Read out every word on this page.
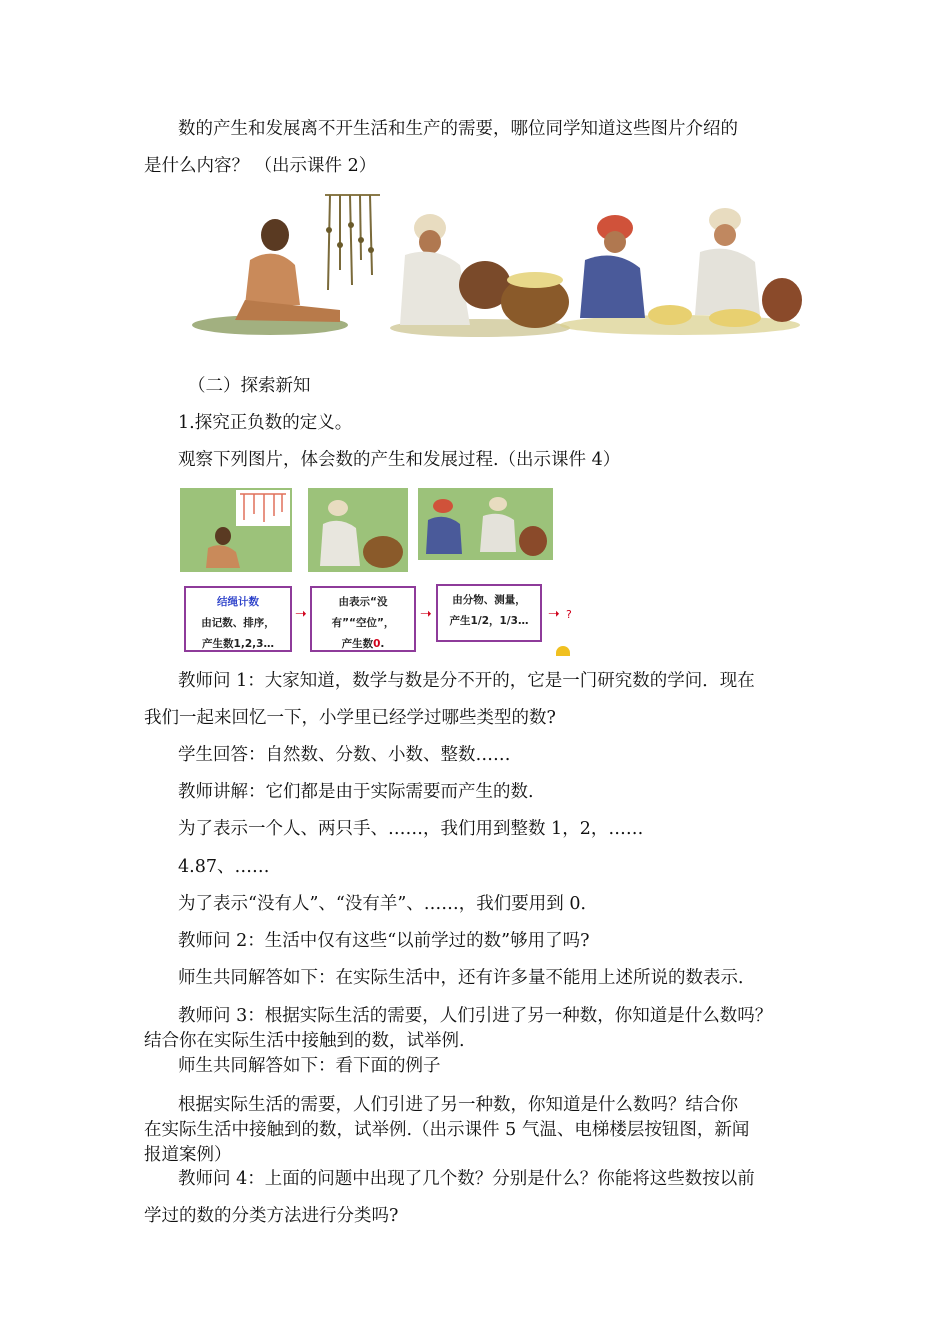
数的产生和发展离不开生活和生产的需要，哪位同学知道这些图片介绍的
是什么内容？ （出示课件 2）
（二）探索新知
1.探究正负数的定义。
观察下列图片，体会数的产生和发展过程.（出示课件 4）
结绳计数
由记数、排序，
产生数1,2,3…
➝
由表示“没
有”“空位”，
产生数0.
➝
由分物、测量，
产生1/2，1/3…	➝ ?
教师问 1：大家知道，数学与数是分不开的，它是一门研究数的学问．现在
我们一起来回忆一下，小学里已经学过哪些类型的数?
学生回答：自然数、分数、小数、整数……
教师讲解：它们都是由于实际需要而产生的数.
为了表示一个人、两只手、……，我们用到整数 1，2，……
4.87、……
为了表示“没有人”、“没有羊”、……，我们要用到 0．
教师问 2：生活中仅有这些“以前学过的数”够用了吗?
师生共同解答如下：在实际生活中，还有许多量不能用上述所说的数表示．
教师问 3：根据实际生活的需要，人们引进了另一种数，你知道是什么数吗？
结合你在实际生活中接触到的数，试举例.
师生共同解答如下：看下面的例子
根据实际生活的需要，人们引进了另一种数，你知道是什么数吗？结合你
在实际生活中接触到的数，试举例.（出示课件 5 气温、电梯楼层按钮图，新闻
报道案例）
教师问 4：上面的问题中出现了几个数？分别是什么？你能将这些数按以前
学过的数的分类方法进行分类吗?
